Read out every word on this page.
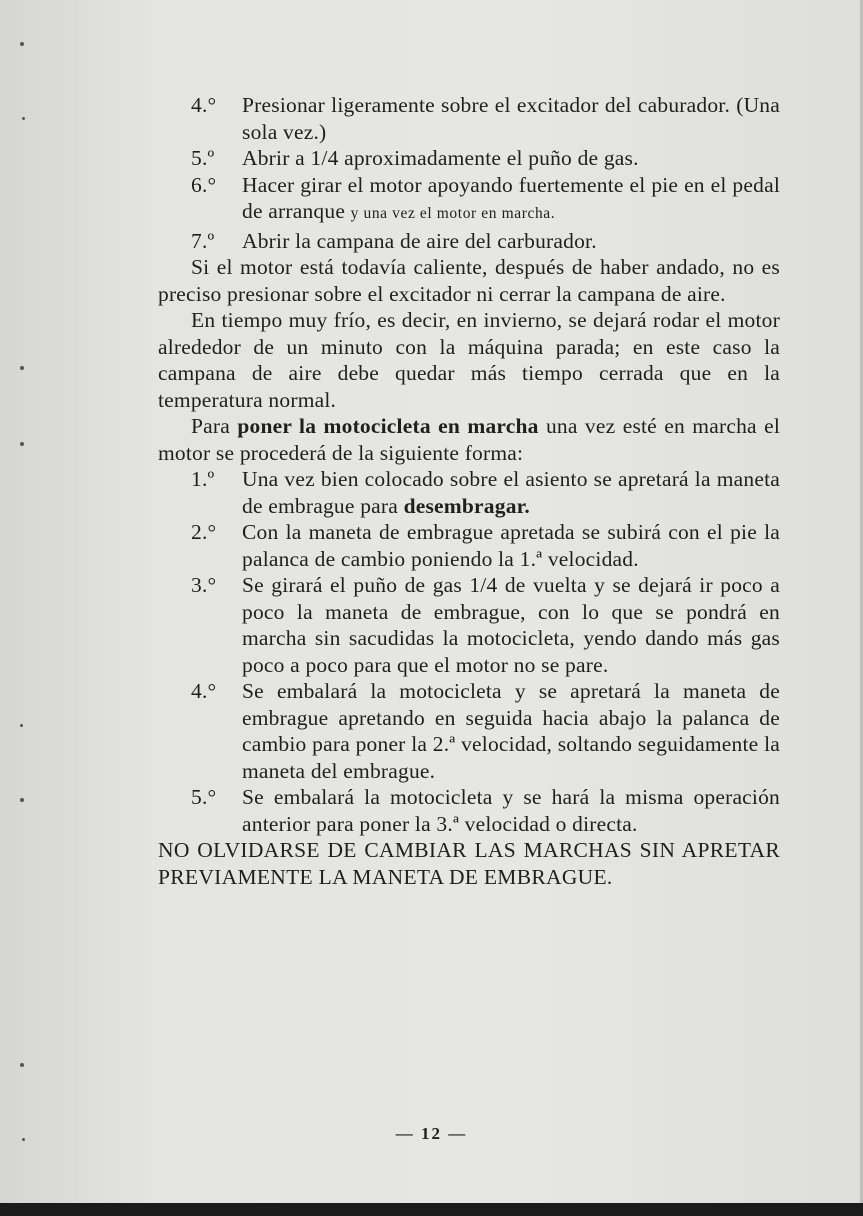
4.° Presionar ligeramente sobre el excitador del caburador. (Una sola vez.)
5.º Abrir a 1/4 aproximadamente el puño de gas.
6.° Hacer girar el motor apoyando fuertemente el pie en el pedal de arranque y una vez el motor en marcha.
7.º Abrir la campana de aire del carburador.

Si el motor está todavía caliente, después de haber andado, no es preciso presionar sobre el excitador ni cerrar la campana de aire.

En tiempo muy frío, es decir, en invierno, se dejará rodar el motor alrededor de un minuto con la máquina parada; en este caso la campana de aire debe quedar más tiempo cerrada que en la temperatura normal.

Para poner la motocicleta en marcha una vez esté en marcha el motor se procederá de la siguiente forma:

1.º Una vez bien colocado sobre el asiento se apretará la maneta de embrague para desembragar.
2.° Con la maneta de embrague apretada se subirá con el pie la palanca de cambio poniendo la 1.ª velocidad.
3.° Se girará el puño de gas 1/4 de vuelta y se dejará ir poco a poco la maneta de embrague, con lo que se pondrá en marcha sin sacudidas la motocicleta, yendo dando más gas poco a poco para que el motor no se pare.
4.° Se embalará la motocicleta y se apretará la maneta de embrague apretando en seguida hacia abajo la palanca de cambio para poner la 2.ª velocidad, soltando seguidamente la maneta del embrague.
5.° Se embalará la motocicleta y se hará la misma operación anterior para poner la 3.ª velocidad o directa.

NO OLVIDARSE DE CAMBIAR LAS MARCHAS SIN APRETAR PREVIAMENTE LA MANETA DE EMBRAGUE.

— 12 —
